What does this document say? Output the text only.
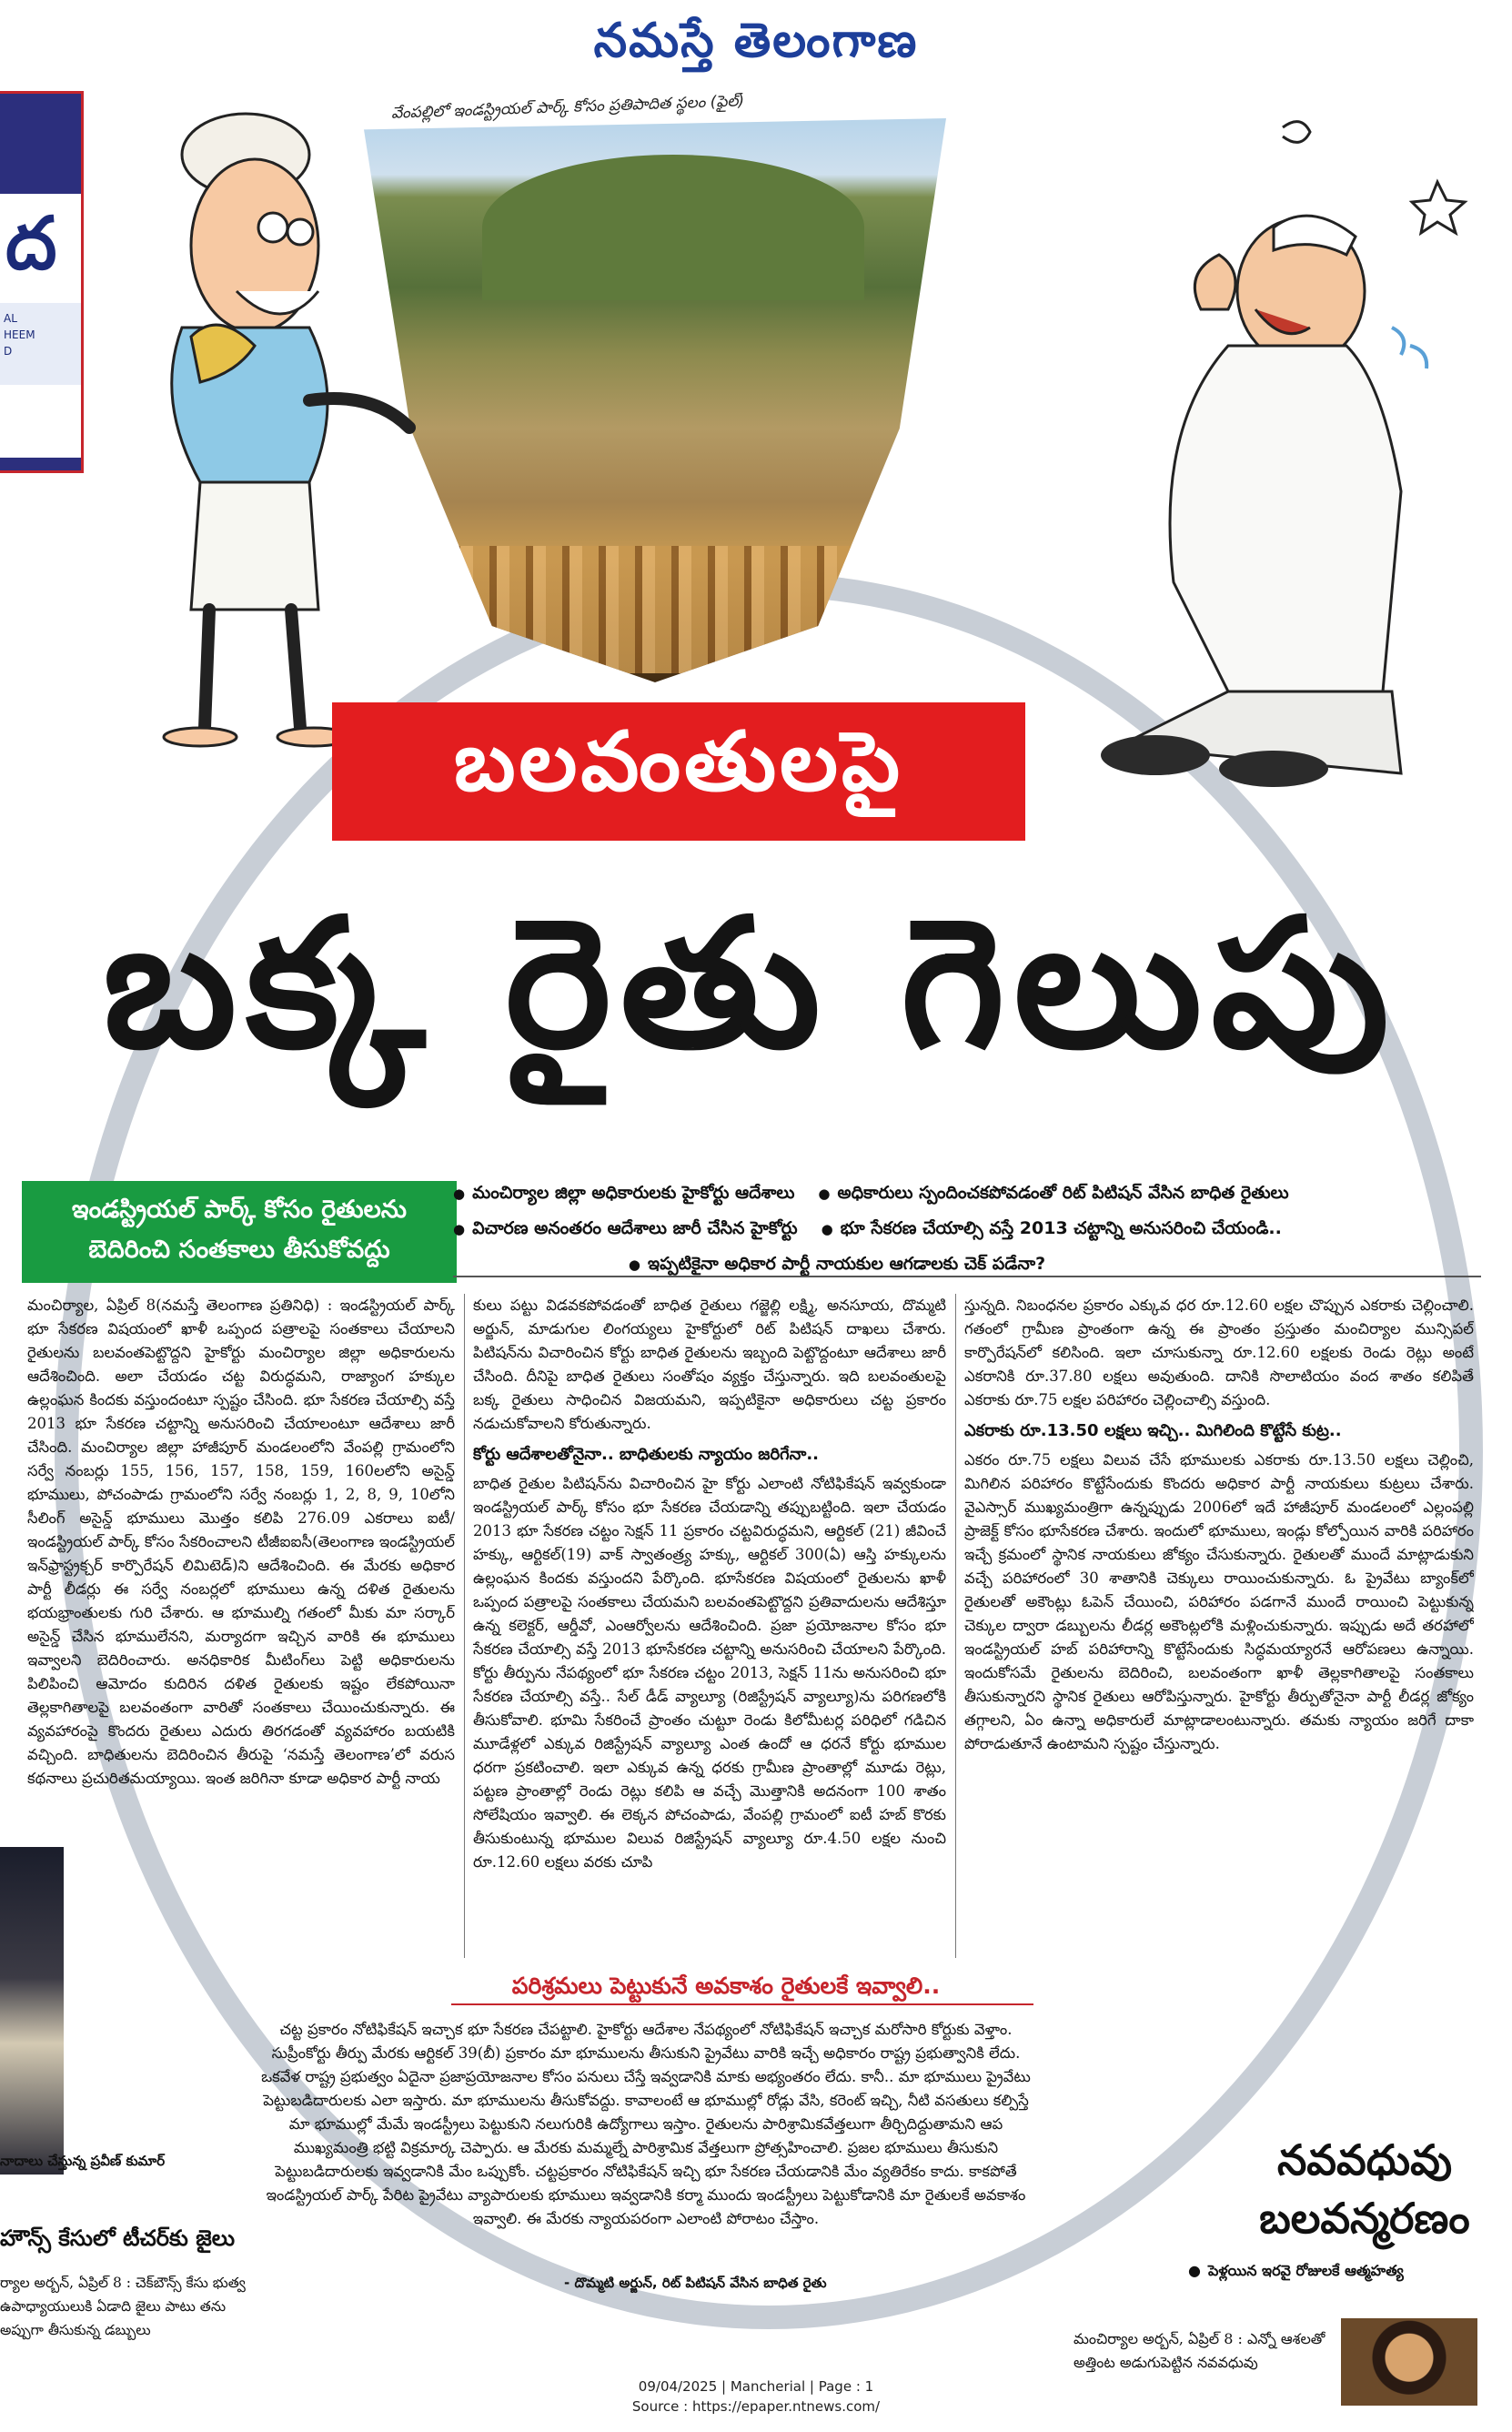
నమస్తే తెలంగాణ
ద
AL
HEEM
D
వేంపల్లిలో ఇండస్ట్రియల్ పార్క్ కోసం ప్రతిపాదిత స్థలం (ఫైల్)
బలవంతులపై
బక్క రైతు గెలుపు
ఇండస్ట్రియల్ పార్క్ కోసం రైతులను
బెదిరించి సంతకాలు తీసుకోవద్దు
● మంచిర్యాల జిల్లా అధికారులకు హైకోర్టు ఆదేశాలు	● అధికారులు స్పందించకపోవడంతో రిట్ పిటిషన్ వేసిన బాధిత రైతులు
● విచారణ అనంతరం ఆదేశాలు జారీ చేసిన హైకోర్టు	● భూ సేకరణ చేయాల్సి వస్తే 2013 చట్టాన్ని అనుసరించి చేయండి..
● ఇప్పటికైనా అధికార పార్టీ నాయకుల ఆగడాలకు చెక్ పడేనా?

మంచిర్యాల, ఏప్రిల్ 8(నమస్తే తెలంగాణ ప్రతినిధి) : ఇండస్ట్రియల్ పార్క్ భూ సేకరణ విషయంలో ఖాళీ ఒప్పంద పత్రాలపై సంతకాలు చేయాలని రైతులను బలవంతపెట్టొద్దని హైకోర్టు మంచిర్యాల జిల్లా అధికారులను ఆదేశించింది. అలా చేయడం చట్ట విరుద్ధమని, రాజ్యాంగ హక్కుల ఉల్లంఘన కిందకు వస్తుందంటూ స్పష్టం చేసింది. భూ సేకరణ చేయాల్సి వస్తే 2013 భూ సేకరణ చట్టాన్ని అనుసరించి చేయాలంటూ ఆదేశాలు జారీ చేసింది. మంచిర్యాల జిల్లా హాజీపూర్ మండలంలోని వేంపల్లి గ్రామంలోని సర్వే నంబర్లు 155, 156, 157, 158, 159, 160లలోని అసైన్డ్ భూములు, పోచంపాడు గ్రామంలోని సర్వే నంబర్లు 1, 2, 8, 9, 10లోని సీలింగ్ అసైన్డ్ భూములు మొత్తం కలిపి 276.09 ఎకరాలు ఐటీ/ఇండస్ట్రియల్ పార్క్ కోసం సేకరించాలని టీజీఐఐసీ(తెలంగాణ ఇండస్ట్రియల్ ఇన్‌ఫ్రాస్ట్రక్చర్ కార్పొరేషన్ లిమిటెడ్)ని ఆదేశించింది. ఈ మేరకు అధికార పార్టీ లీడర్లు ఈ సర్వే నంబర్లలో భూములు ఉన్న దళిత రైతులను భయభ్రాంతులకు గురి చేశారు. ఆ భూముల్ని గతంలో మీకు మా సర్కార్ అసైన్డ్ చేసిన భూములేనని, మర్యాదగా ఇచ్చిన వారికి ఈ భూములు ఇవ్వాలని బెదిరించారు. అనధికారిక మీటింగ్‌లు పెట్టి అధికారులను పిలిపించి ఆమోదం కుదిరిన దళిత రైతులకు ఇష్టం లేకపోయినా తెల్లకాగితాలపై బలవంతంగా వారితో సంతకాలు చేయించుకున్నారు. ఈ వ్యవహారంపై కొందరు రైతులు ఎదురు తిరగడంతో వ్యవహారం బయటికి వచ్చింది. బాధితులను బెదిరించిన తీరుపై ‘నమస్తే తెలంగాణ’లో వరుస కథనాలు ప్రచురితమయ్యాయి. ఇంత జరిగినా కూడా అధికార పార్టీ నాయ

కులు పట్టు విడవకపోవడంతో బాధిత రైతులు గజ్జెల్లి లక్ష్మి, అనసూయ, దొమ్మటి అర్జున్, మాడుగుల లింగయ్యలు హైకోర్టులో రిట్ పిటిషన్ దాఖలు చేశారు. పిటిషన్‌ను విచారించిన కోర్టు బాధిత రైతులను ఇబ్బంది పెట్టొద్దంటూ ఆదేశాలు జారీ చేసింది. దీనిపై బాధిత రైతులు సంతోషం వ్యక్తం చేస్తున్నారు. ఇది బలవంతులపై బక్క రైతులు సాధించిన విజయమని, ఇప్పటికైనా అధికారులు చట్ట ప్రకారం నడుచుకోవాలని కోరుతున్నారు.

కోర్టు ఆదేశాలతోనైనా.. బాధితులకు న్యాయం జరిగేనా..

బాధిత రైతుల పిటిషన్‌ను విచారించిన హై కోర్టు ఎలాంటి నోటిఫికేషన్ ఇవ్వకుండా ఇండస్ట్రియల్ పార్క్ కోసం భూ సేకరణ చేయడాన్ని తప్పుబట్టింది. ఇలా చేయడం 2013 భూ సేకరణ చట్టం సెక్షన్ 11 ప్రకారం చట్టవిరుద్ధమని, ఆర్టికల్ (21) జీవించే హక్కు, ఆర్టికల్(19) వాక్ స్వాతంత్ర్య హక్కు, ఆర్టికల్ 300(ఏ) ఆస్తి హక్కులను ఉల్లంఘన కిందకు వస్తుందని పేర్కొంది. భూసేకరణ విషయంలో రైతులను ఖాళీ ఒప్పంద పత్రాలపై సంతకాలు చేయమని బలవంతపెట్టొద్దని ప్రతివాదులను ఆదేశిస్తూ ఉన్న కలెక్టర్, ఆర్డీవో, ఎంఆర్వోలను ఆదేశించింది. ప్రజా ప్రయోజనాల కోసం భూ సేకరణ చేయాల్సి వస్తే 2013 భూసేకరణ చట్టాన్ని అనుసరించి చేయాలని పేర్కొంది. కోర్టు తీర్పును నేపథ్యంలో భూ సేకరణ చట్టం 2013, సెక్షన్ 11ను అనుసరించి భూ సేకరణ చేయాల్సి వస్తే.. సేల్ డీడ్ వ్యాల్యూ (రిజిస్ట్రేషన్ వ్యాల్యూ)ను పరిగణలోకి తీసుకోవాలి. భూమి సేకరించే ప్రాంతం చుట్టూ రెండు కిలోమీటర్ల పరిధిలో గడిచిన మూడేళ్లలో ఎక్కువ రిజిస్ట్రేషన్ వ్యాల్యూ ఎంత ఉందో ఆ ధరనే కోర్టు భూముల ధరగా ప్రకటించాలి. ఇలా ఎక్కువ ఉన్న ధరకు గ్రామీణ ప్రాంతాల్లో మూడు రెట్లు, పట్టణ ప్రాంతాల్లో రెండు రెట్లు కలిపి ఆ వచ్చే మొత్తానికి అదనంగా 100 శాతం సోలేషియం ఇవ్వాలి. ఈ లెక్కన పోచంపాడు, వేంపల్లి గ్రామంలో ఐటీ హబ్ కొరకు తీసుకుంటున్న భూముల విలువ రిజిస్ట్రేషన్ వ్యాల్యూ రూ.4.50 లక్షల నుంచి రూ.12.60 లక్షలు వరకు చూపి

స్తున్నది. నిబంధనల ప్రకారం ఎక్కువ ధర రూ.12.60 లక్షల చొప్పున ఎకరాకు చెల్లించాలి. గతంలో గ్రామీణ ప్రాంతంగా ఉన్న ఈ ప్రాంతం ప్రస్తుతం మంచిర్యాల మున్సిపల్ కార్పొరేషన్‌లో కలిసింది. ఇలా చూసుకున్నా రూ.12.60 లక్షలకు రెండు రెట్లు అంటే ఎకరానికి రూ.37.80 లక్షలు అవుతుంది. దానికి సొలాటియం వంద శాతం కలిపితే ఎకరాకు రూ.75 లక్షల పరిహారం చెల్లించాల్సి వస్తుంది.

ఎకరాకు రూ.13.50 లక్షలు ఇచ్చి.. మిగిలింది కొట్టేసే కుట్ర..

ఎకరం రూ.75 లక్షలు విలువ చేసే భూములకు ఎకరాకు రూ.13.50 లక్షలు చెల్లించి, మిగిలిన పరిహారం కొట్టేసేందుకు కొందరు అధికార పార్టీ నాయకులు కుట్రలు చేశారు. వైఎస్సార్ ముఖ్యమంత్రిగా ఉన్నప్పుడు 2006లో ఇదే హాజీపూర్ మండలంలో ఎల్లంపల్లి ప్రాజెక్ట్ కోసం భూసేకరణ చేశారు. ఇందులో భూములు, ఇండ్లు కోల్పోయిన వారికి పరిహారం ఇచ్చే క్రమంలో స్థానిక నాయకులు జోక్యం చేసుకున్నారు. రైతులతో ముందే మాట్లాడుకుని వచ్చే పరిహారంలో 30 శాతానికి చెక్కులు రాయించుకున్నారు. ఓ ప్రైవేటు బ్యాంక్‌లో రైతులతో అకౌంట్లు ఓపెన్ చేయించి, పరిహారం పడగానే ముందే రాయించి పెట్టుకున్న చెక్కుల ద్వారా డబ్బులను లీడర్ల అకౌంట్లలోకి మళ్లించుకున్నారు. ఇప్పుడు అదే తరహాలో ఇండస్ట్రియల్ హబ్ పరిహారాన్ని కొట్టేసేందుకు సిద్ధమయ్యారనే ఆరోపణలు ఉన్నాయి. ఇందుకోసమే రైతులను బెదిరించి, బలవంతంగా ఖాళీ తెల్లకాగితాలపై సంతకాలు తీసుకున్నారని స్థానిక రైతులు ఆరోపిస్తున్నారు. హైకోర్టు తీర్పుతోనైనా పార్టీ లీడర్ల జోక్యం తగ్గాలని, ఏం ఉన్నా అధికారులే మాట్లాడాలంటున్నారు. తమకు న్యాయం జరిగే దాకా పోరాడుతూనే ఉంటామని స్పష్టం చేస్తున్నారు.

పరిశ్రమలు పెట్టుకునే అవకాశం రైతులకే ఇవ్వాలి..
చట్ట ప్రకారం నోటిఫికేషన్ ఇచ్చాక భూ సేకరణ చేపట్టాలి. హైకోర్టు ఆదేశాల నేపథ్యంలో నోటిఫికేషన్ ఇచ్చాక మరోసారి కోర్టుకు వెళ్తాం. సుప్రీంకోర్టు తీర్పు మేరకు ఆర్టికల్ 39(బీ) ప్రకారం మా భూములను తీసుకుని ప్రైవేటు వారికి ఇచ్చే అధికారం రాష్ట్ర ప్రభుత్వానికి లేదు. ఒకవేళ రాష్ట్ర ప్రభుత్వం ఏదైనా ప్రజాప్రయోజనాల కోసం పనులు చేస్తే ఇవ్వడానికి మాకు అభ్యంతరం లేదు. కానీ.. మా భూములు ప్రైవేటు పెట్టుబడిదారులకు ఎలా ఇస్తారు. మా భూములను తీసుకోవద్దు. కావాలంటే ఆ భూముల్లో రోడ్లు వేసి, కరెంట్ ఇచ్చి, నీటి వసతులు కల్పిస్తే మా భూముల్లో మేమే ఇండస్ట్రీలు పెట్టుకుని నలుగురికి ఉద్యోగాలు ఇస్తాం. రైతులను పారిశ్రామికవేత్తలుగా తీర్చిదిద్దుతామని ఆప ముఖ్యమంత్రి భట్టి విక్రమార్క చెప్పారు. ఆ మేరకు మమ్మల్నే పారిశ్రామిక వేత్తలుగా ప్రోత్సహించాలి. ప్రజల భూములు తీసుకుని పెట్టుబడిదారులకు ఇవ్వడానికి మేం ఒప్పుకోం. చట్టప్రకారం నోటిఫికేషన్ ఇచ్చి భూ సేకరణ చేయడానికి మేం వ్యతిరేకం కాదు. కాకపోతే ఇండస్ట్రియల్ పార్క్ పేరిట ప్రైవేటు వ్యాపారులకు భూములు ఇవ్వడానికి కర్మా ముందు ఇండస్ట్రీలు పెట్టుకోడానికి మా రైతులకే అవకాశం ఇవ్వాలి. ఈ మేరకు న్యాయపరంగా ఎలాంటి పోరాటం చేస్తాం.
- దొమ్మటి అర్జున్, రిట్ పిటిషన్ వేసిన బాధిత రైతు
నవవధువు
బలవన్మరణం
● పెళ్లయిన ఇరవై రోజులకే ఆత్మహత్య
మంచిర్యాల అర్బన్, ఏప్రిల్ 8 : ఎన్నో ఆశలతో అత్తింట అడుగుపెట్టిన నవవధువు
నాదాలు చేస్తున్న ప్రవీణ్ కుమార్
హౌన్స్ కేసులో టీచర్‌కు జైలు
ర్యాల అర్బన్, ఏప్రిల్ 8 : చెక్‌బౌన్స్ కేసు భుత్వ ఉపాధ్యాయులుకి ఏడాది జైలు పాటు తను అప్పుగా తీసుకున్న డబ్బులు
09/04/2025 | Mancherial | Page : 1
Source : https://epaper.ntnews.com/
